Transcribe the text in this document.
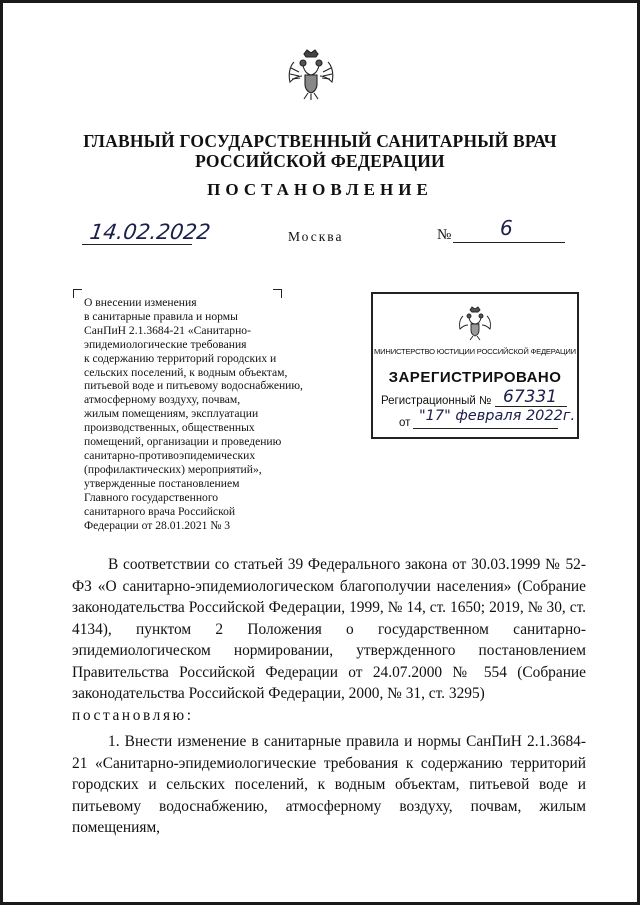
ГЛАВНЫЙ ГОСУДАРСТВЕННЫЙ САНИТАРНЫЙ ВРАЧ
РОССИЙСКОЙ ФЕДЕРАЦИИ
ПОСТАНОВЛЕНИЕ
14.02.2022	Москва	№ 6
О внесении изменения
в санитарные правила и нормы
СанПиН 2.1.3684-21 «Санитарно-
эпидемиологические требования
к содержанию территорий городских и
сельских поселений, к водным объектам,
питьевой воде и питьевому водоснабжению,
атмосферному воздуху, почвам,
жилым помещениям, эксплуатации
производственных, общественных
помещений, организации и проведению
санитарно-противоэпидемических
(профилактических) мероприятий»,
утвержденные постановлением
Главного государственного
санитарного врача Российской
Федерации от 28.01.2021 № 3
МИНИСТЕРСТВО ЮСТИЦИИ РОССИЙСКОЙ ФЕДЕРАЦИИ
ЗАРЕГИСТРИРОВАНО
Регистрационный № 67331
от "17" февраля 2022г.
В соответствии со статьей 39 Федерального закона от 30.03.1999 № 52-ФЗ «О санитарно-эпидемиологическом благополучии населения» (Собрание законодательства Российской Федерации, 1999, № 14, ст. 1650; 2019, № 30, ст. 4134), пунктом 2 Положения о государственном санитарно-эпидемиологическом нормировании, утвержденного постановлением Правительства Российской Федерации от 24.07.2000 № 554 (Собрание законодательства Российской Федерации, 2000, № 31, ст. 3295)
постановляю:
1. Внести изменение в санитарные правила и нормы СанПиН 2.1.3684-21 «Санитарно-эпидемиологические требования к содержанию территорий городских и сельских поселений, к водным объектам, питьевой воде и питьевому водоснабжению, атмосферному воздуху, почвам, жилым помещениям,
